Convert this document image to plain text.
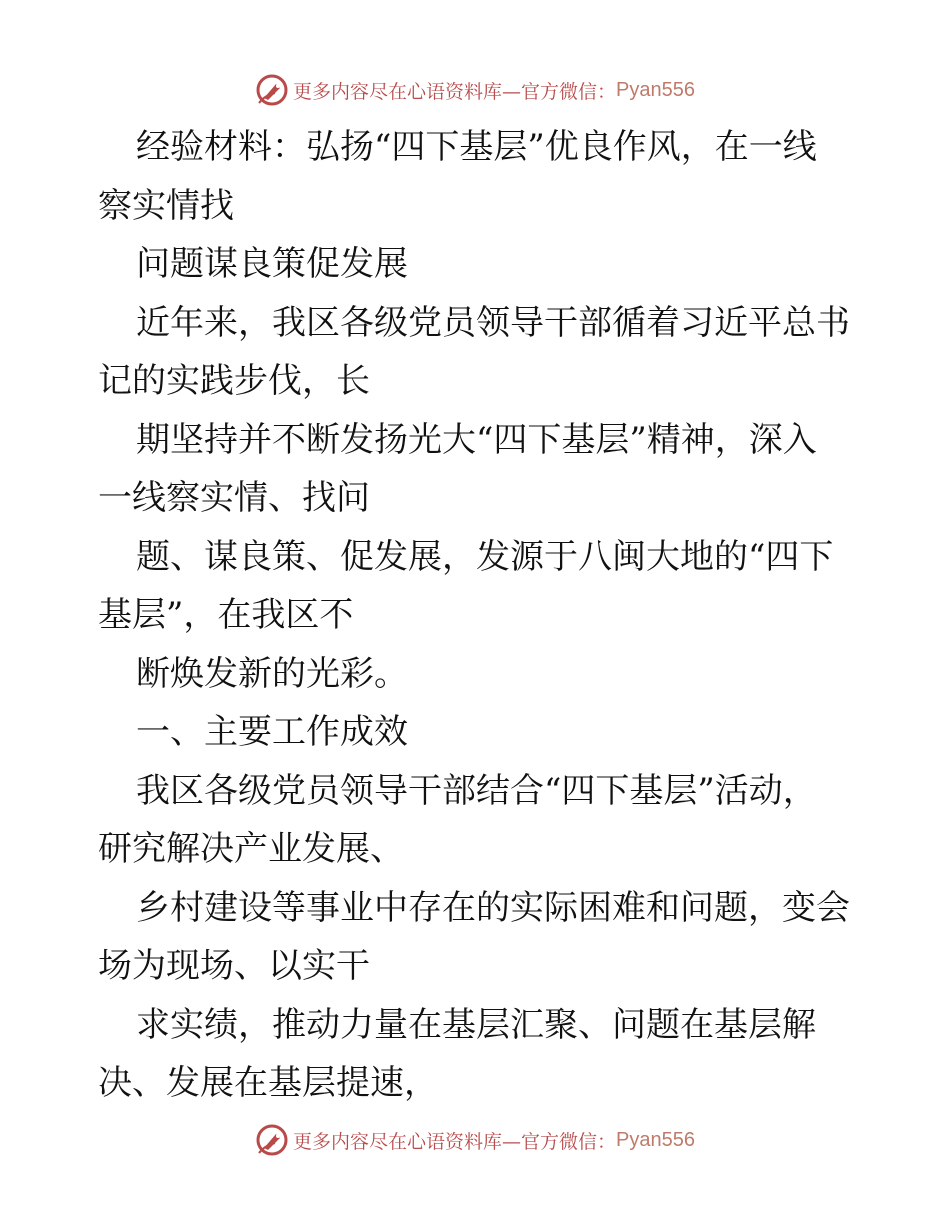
更多内容尽在心语资料库—官方微信： Pyan556
经验材料：弘扬“四下基层”优良作风，在一线
察实情找
问题谋良策促发展
近年来，我区各级党员领导干部循着习近平总书
记的实践步伐，长
期坚持并不断发扬光大“四下基层”精神，深入
一线察实情、找问
题、谋良策、促发展，发源于八闽大地的“四下
基层”，在我区不
断焕发新的光彩。
一、主要工作成效
我区各级党员领导干部结合“四下基层”活动，
研究解决产业发展、
乡村建设等事业中存在的实际困难和问题，变会
场为现场、以实干
求实绩，推动力量在基层汇聚、问题在基层解
决、发展在基层提速，
更多内容尽在心语资料库—官方微信： Pyan556
